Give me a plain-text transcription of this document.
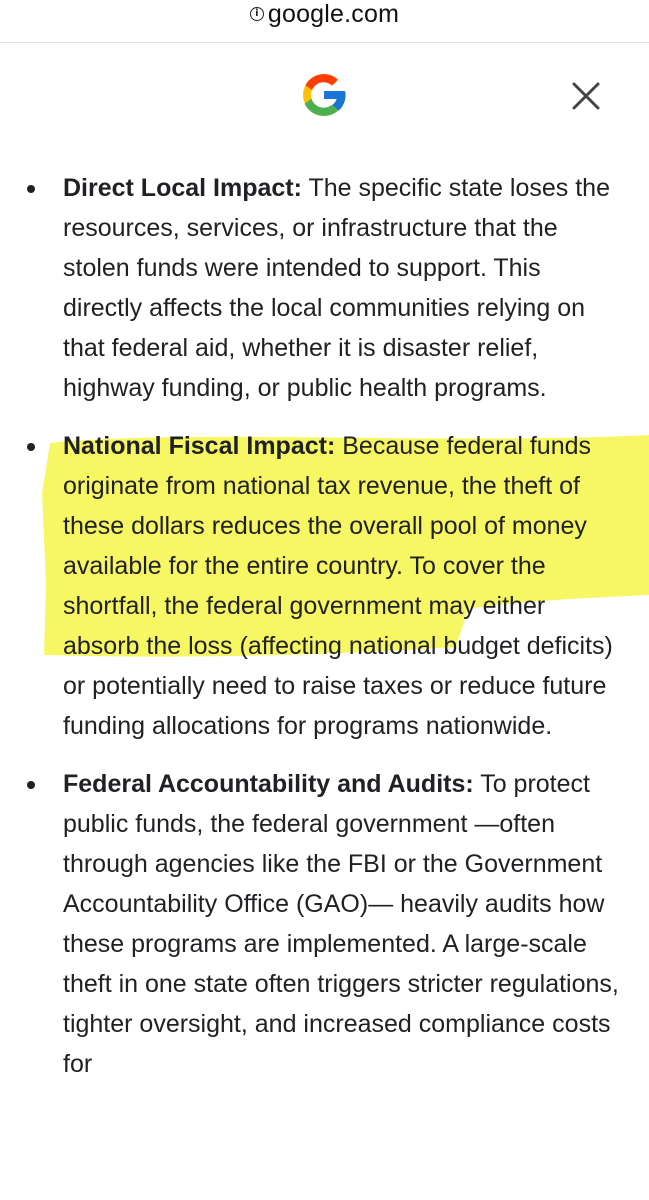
i google.com
Direct Local Impact: The specific state loses the resources, services, or infrastructure that the stolen funds were intended to support. This directly affects the local communities relying on that federal aid, whether it is disaster relief, highway funding, or public health programs.
National Fiscal Impact: Because federal funds originate from national tax revenue, the theft of these dollars reduces the overall pool of money available for the entire country. To cover the shortfall, the federal government may either absorb the loss (affecting national budget deficits) or potentially need to raise taxes or reduce future funding allocations for programs nationwide.
Federal Accountability and Audits: To protect public funds, the federal government —often through agencies like the FBI or the Government Accountability Office (GAO)— heavily audits how these programs are implemented. A large-scale theft in one state often triggers stricter regulations, tighter oversight, and increased compliance costs for
